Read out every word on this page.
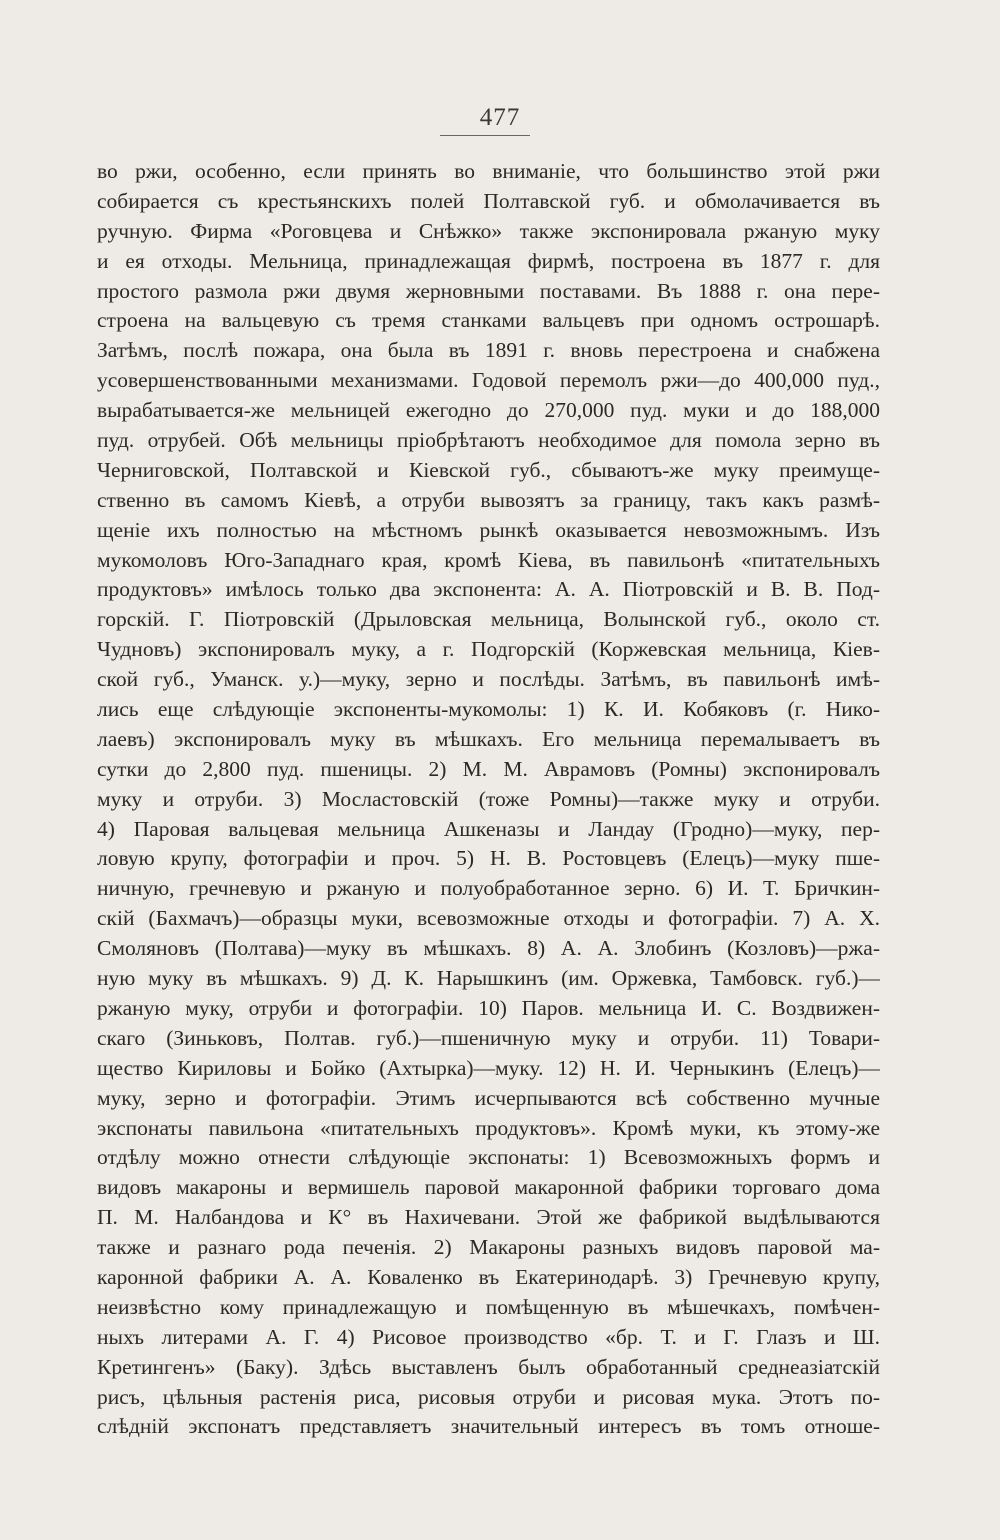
477

во ржи, особенно, если принять во вниманіе, что большинство этой ржи
собирается съ крестьянскихъ полей Полтавской губ. и обмолачивается въ
ручную. Фирма «Роговцева и Снѣжко» также экспонировала ржаную муку
и ея отходы. Мельница, принадлежащая фирмѣ, построена въ 1877 г. для
простого размола ржи двумя жерновными поставами. Въ 1888 г. она пере-
строена на вальцевую съ тремя станками вальцевъ при одномъ острошарѣ.
Затѣмъ, послѣ пожара, она была въ 1891 г. вновь перестроена и снабжена
усовершенствованными механизмами. Годовой перемолъ ржи—до 400,000 пуд.,
вырабатывается-же мельницей ежегодно до 270,000 пуд. муки и до 188,000
пуд. отрубей. Обѣ мельницы пріобрѣтаютъ необходимое для помола зерно въ
Черниговской, Полтавской и Кіевской губ., сбываютъ-же муку преимуще-
ственно въ самомъ Кіевѣ, а отруби вывозятъ за границу, такъ какъ размѣ-
щеніе ихъ полностью на мѣстномъ рынкѣ оказывается невозможнымъ. Изъ
мукомоловъ Юго-Западнаго края, кромѣ Кіева, въ павильонѣ «питательныхъ
продуктовъ» имѣлось только два экспонента: А. А. Піотровскій и В. В. Под-
горскій. Г. Піотровскій (Дрыловская мельница, Волынской губ., около ст.
Чудновъ) экспонировалъ муку, а г. Подгорскій (Коржевская мельница, Кіев-
ской губ., Уманск. у.)—муку, зерно и послѣды. Затѣмъ, въ павильонѣ имѣ-
лись еще слѣдующіе экспоненты-мукомолы: 1) К. И. Кобяковъ (г. Нико-
лаевъ) экспонировалъ муку въ мѣшкахъ. Его мельница перемалываетъ въ
сутки до 2,800 пуд. пшеницы. 2) М. М. Аврамовъ (Ромны) экспонировалъ
муку и отруби. 3) Мосластовскій (тоже Ромны)—также муку и отруби.
4) Паровая вальцевая мельница Ашкеназы и Ландау (Гродно)—муку, пер-
ловую крупу, фотографіи и проч. 5) Н. В. Ростовцевъ (Елецъ)—муку пше-
ничную, гречневую и ржаную и полуобработанное зерно. 6) И. Т. Бричкин-
скій (Бахмачъ)—образцы муки, всевозможные отходы и фотографіи. 7) А. Х.
Смоляновъ (Полтава)—муку въ мѣшкахъ. 8) А. А. Злобинъ (Козловъ)—ржа-
ную муку въ мѣшкахъ. 9) Д. К. Нарышкинъ (им. Оржевка, Тамбовск. губ.)—
ржаную муку, отруби и фотографіи. 10) Паров. мельница И. С. Воздвижен-
скаго (Зиньковъ, Полтав. губ.)—пшеничную муку и отруби. 11) Товари-
щество Кириловы и Бойко (Ахтырка)—муку. 12) Н. И. Черныкинъ (Елецъ)—
муку, зерно и фотографіи. Этимъ исчерпываются всѣ собственно мучные
экспонаты павильона «питательныхъ продуктовъ». Кромѣ муки, къ этому-же
отдѣлу можно отнести слѣдующіе экспонаты: 1) Всевозможныхъ формъ и
видовъ макароны и вермишель паровой макаронной фабрики торговаго дома
П. М. Налбандова и К° въ Нахичевани. Этой же фабрикой выдѣлываются
также и разнаго рода печенія. 2) Макароны разныхъ видовъ паровой ма-
каронной фабрики А. А. Коваленко въ Екатеринодарѣ. 3) Гречневую крупу,
неизвѣстно кому принадлежащую и помѣщенную въ мѣшечкахъ, помѣчен-
ныхъ литерами А. Г. 4) Рисовое производство «бр. Т. и Г. Глазъ и Ш.
Кретингенъ» (Баку). Здѣсь выставленъ былъ обработанный среднеазіатскій
рисъ, цѣльныя растенія риса, рисовыя отруби и рисовая мука. Этотъ по-
слѣдній экспонатъ представляетъ значительный интересъ въ томъ отноше-
